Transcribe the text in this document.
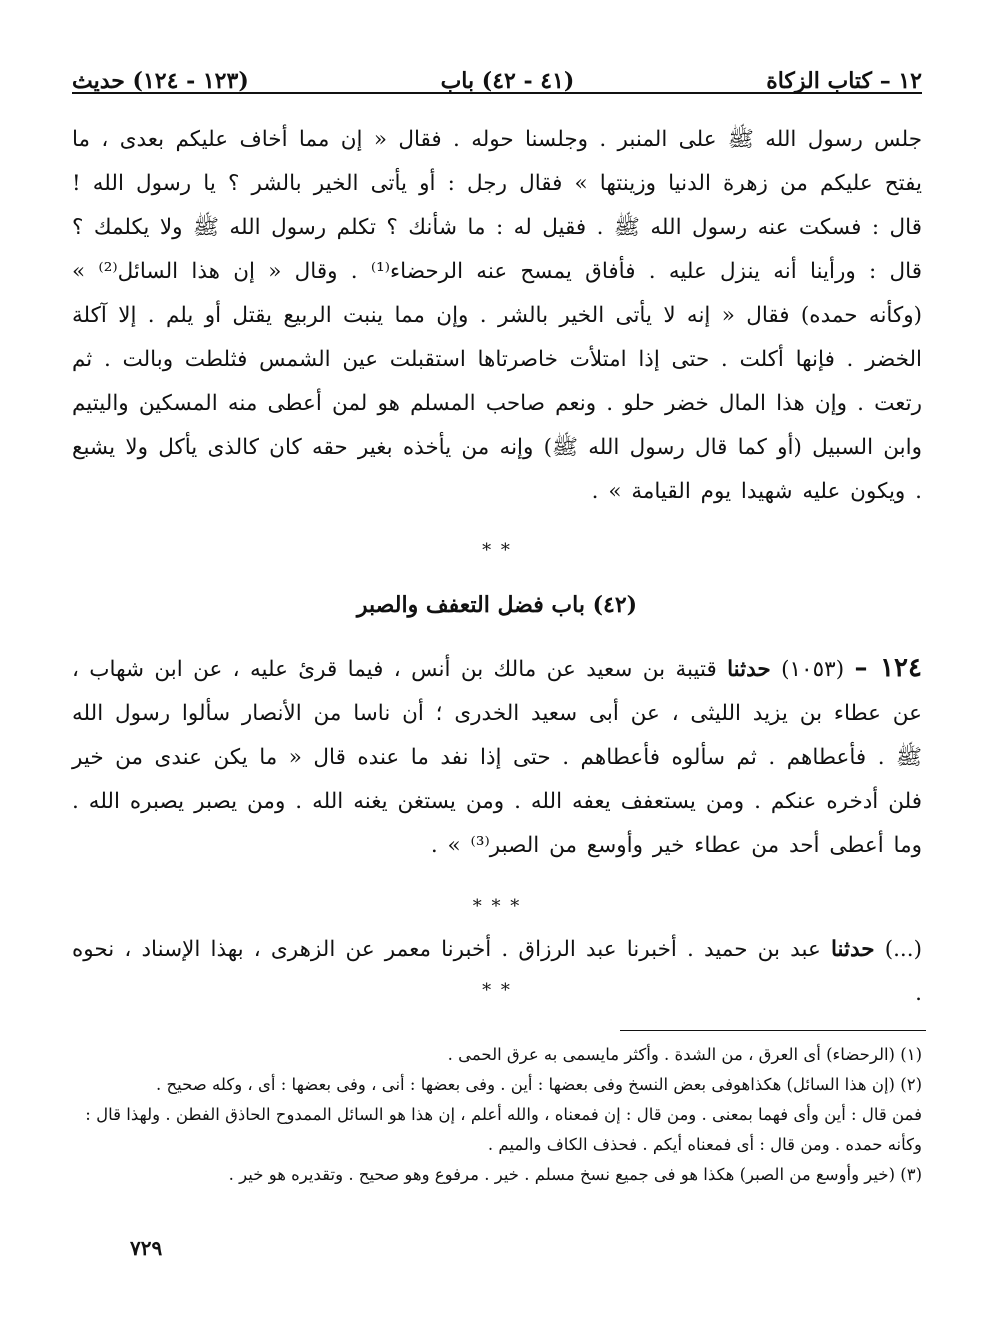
١٢ – كتاب الزكاة
(٤١ - ٤٢) باب
(١٢٣ - ١٢٤) حديث
جلس رسول الله ﷺ على المنبر . وجلسنا حوله . فقال « إن مما أخاف عليكم بعدى ، ما يفتح عليكم من زهرة الدنيا وزينتها » فقال رجل : أو يأتى الخير بالشر ؟ يا رسول الله ! قال : فسكت عنه رسول الله ﷺ . فقيل له : ما شأنك ؟ تكلم رسول الله ﷺ ولا يكلمك ؟ قال : ورأينا أنه ينزل عليه . فأفاق يمسح عنه الرحضاء⁽¹⁾ . وقال « إن هذا السائل⁽²⁾ » (وكأنه حمده) فقال « إنه لا يأتى الخير بالشر . وإن مما ينبت الربيع يقتل أو يلم . إلا آكلة الخضر . فإنها أكلت . حتى إذا امتلأت خاصرتاها استقبلت عين الشمس فثلطت وبالت . ثم رتعت . وإن هذا المال خضر حلو . ونعم صاحب المسلم هو لمن أعطى منه المسكين واليتيم وابن السبيل (أو كما قال رسول الله ﷺ) وإنه من يأخذه بغير حقه كان كالذى يأكل ولا يشبع . ويكون عليه شهيدا يوم القيامة » .
* *
(٤٢) باب فضل التعفف والصبر
١٢٤ – (١٠٥٣) حدثنا قتيبة بن سعيد عن مالك بن أنس ، فيما قرئ عليه ، عن ابن شهاب ، عن عطاء بن يزيد الليثى ، عن أبى سعيد الخدرى ؛ أن ناسا من الأنصار سألوا رسول الله ﷺ . فأعطاهم . ثم سألوه فأعطاهم . حتى إذا نفد ما عنده قال « ما يكن عندى من خير فلن أدخره عنكم . ومن يستعفف يعفه الله . ومن يستغن يغنه الله . ومن يصبر يصبره الله . وما أعطى أحد من عطاء خير وأوسع من الصبر⁽³⁾ » .
* * *
(...) حدثنا عبد بن حميد . أخبرنا عبد الرزاق . أخبرنا معمر عن الزهرى ، بهذا الإسناد ، نحوه .
* *
(١) (الرحضاء) أى العرق ، من الشدة . وأكثر مايسمى به عرق الحمى .
(٢) (إن هذا السائل) هكذاهوفى بعض النسخ وفى بعضها : أين . وفى بعضها : أنى ، وفى بعضها : أى ، وكله صحيح .
فمن قال : أين وأى فهما بمعنى . ومن قال : إن فمعناه ، والله أعلم ، إن هذا هو السائل الممدوح الحاذق الفطن . ولهذا قال :
وكأنه حمده . ومن قال : أى فمعناه أيكم . فحذف الكاف والميم .
(٣) (خير وأوسع من الصبر) هكذا هو فى جميع نسخ مسلم . خير . مرفوع وهو صحيح . وتقديره هو خير .
٧٢٩
